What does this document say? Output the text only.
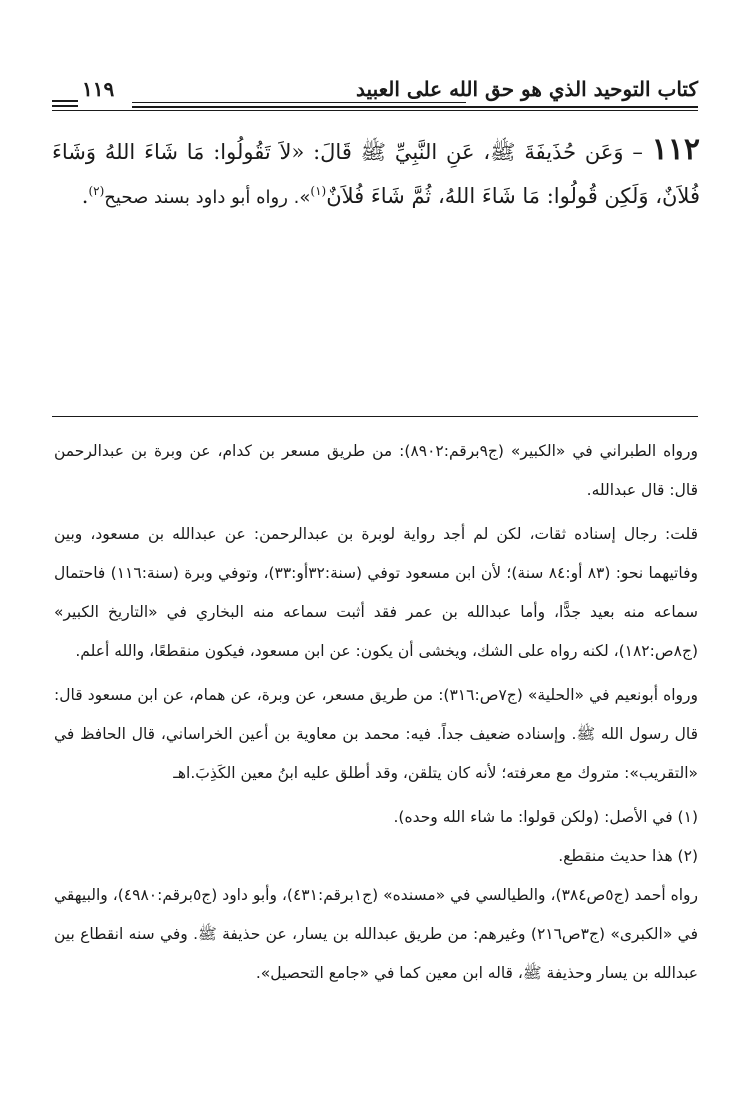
كتاب التوحيد الذي هو حق الله على العبيد
١١٩
١١٢ – وَعَن حُذَيفَةَ ﷺ، عَنِ النَّبِيِّ ﷺ قَالَ: «لاَ تَقُولُوا: مَا شَاءَ اللهُ وَشَاءَ فُلاَنٌ، وَلَكِن قُولُوا: مَا شَاءَ اللهُ، ثُمَّ شَاءَ فُلاَنٌ$^{(١)}$». رواه أبو داود بسند صحيح$^{(٢)}$.

ورواه الطبراني في «الكبير» (ج٩برقم:٨٩٠٢): من طريق مسعر بن كدام، عن وبرة بن عبدالرحمن قال: قال عبدالله.

قلت: رجال إسناده ثقات، لكن لم أجد رواية لوبرة بن عبدالرحمن: عن عبدالله بن مسعود، وبين وفاتيهما نحو: (٨٣ أو:٨٤ سنة)؛ لأن ابن مسعود توفي (سنة:٣٢أو:٣٣)، وتوفي وبرة (سنة:١١٦) فاحتمال سماعه منه بعيد جدًّا، وأما عبدالله بن عمر فقد أثبت سماعه منه البخاري في «التاريخ الكبير» (ج٨ص:١٨٢)، لكنه رواه على الشك، ويخشى أن يكون: عن ابن مسعود، فيكون منقطعًا، والله أعلم.

ورواه أبونعيم في «الحلية» (ج٧ص:٣١٦): من طريق مسعر، عن وبرة، عن همام، عن ابن مسعود قال: قال رسول الله ﷺ. وإسناده ضعيف جداً. فيه: محمد بن معاوية بن أعين الخراساني، قال الحافظ في «التقريب»: متروك مع معرفته؛ لأنه كان يتلقن، وقد أطلق عليه ابنُ معين الكَذِبَ.اهـ

(١) في الأصل: (ولكن قولوا: ما شاء الله وحده).

(٢) هذا حديث منقطع.

رواه أحمد (ج٥ص٣٨٤)، والطيالسي في «مسنده» (ج١برقم:٤٣١)، وأبو داود (ج٥برقم:٤٩٨٠)، والبيهقي في «الكبرى» (ج٣ص٢١٦) وغيرهم: من طريق عبدالله بن يسار، عن حذيفة ﷺ. وفي سنه انقطاع بين عبدالله بن يسار وحذيفة ﷺ، قاله ابن معين كما في «جامع التحصيل».
